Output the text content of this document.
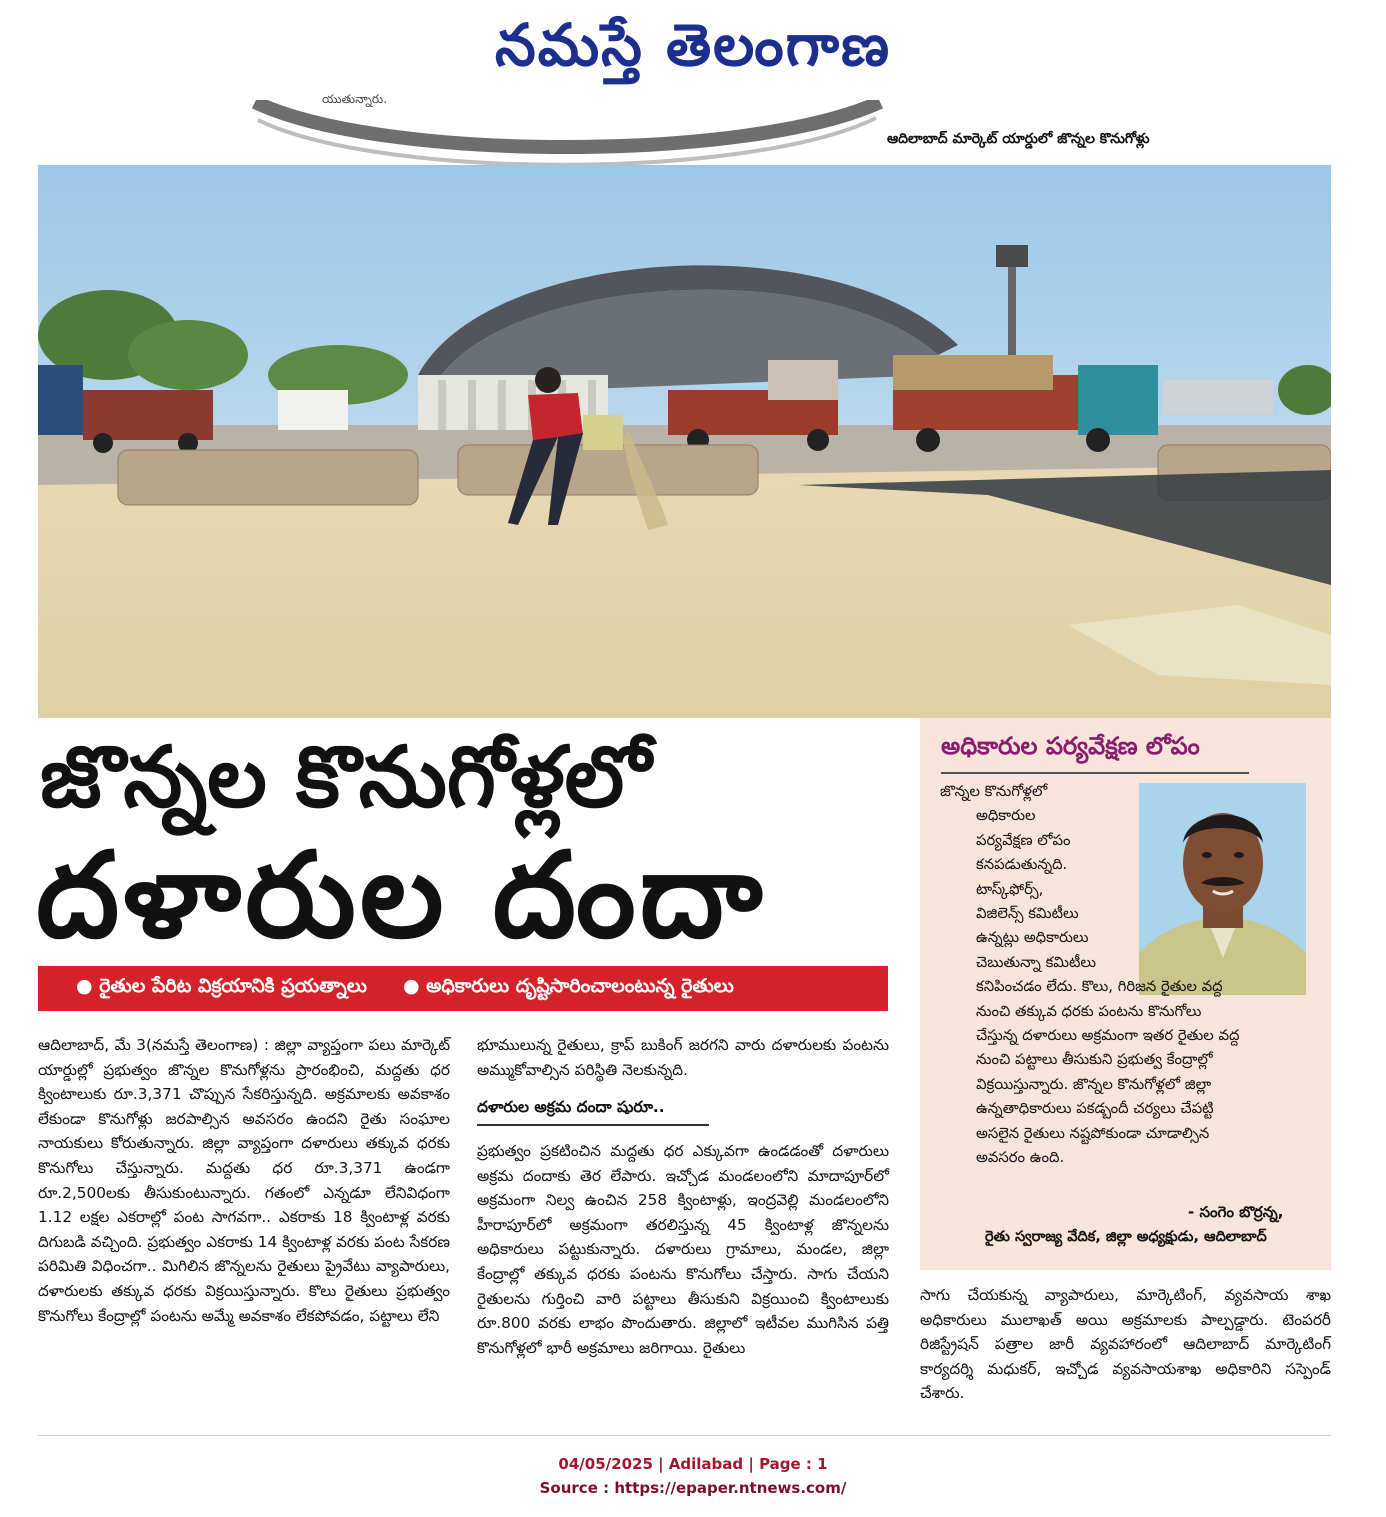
నమస్తే తెలంగాణ
యుతున్నారు.
ఆదిలాబాద్ మార్కెట్ యార్డులో జొన్నల కొనుగోళ్లు
జొన్నల కొనుగోళ్లలో
దళారుల దందా
● రైతుల పేరిట విక్రయానికి ప్రయత్నాలు
●	అధికారులు దృష్టిసారించాలంటున్న రైతులు
ఆదిలాబాద్, మే 3(నమస్తే తెలంగాణ) : జిల్లా వ్యాప్తంగా పలు మార్కెట్ యార్డుల్లో ప్రభుత్వం జొన్నల కొనుగోళ్లను ప్రారంభించి, మద్దతు ధర క్వింటాలుకు రూ.3,371 చొప్పున సేకరిస్తున్నది. అక్రమాలకు అవకాశం లేకుండా కొనుగోళ్లు జరపాల్సిన అవసరం ఉందని రైతు సంఘాల నాయకులు కోరుతున్నారు. జిల్లా వ్యాప్తంగా దళారులు తక్కువ ధరకు కొనుగోలు చేస్తున్నారు. మద్దతు ధర రూ.3,371 ఉండగా రూ.2,500లకు తీసుకుంటున్నారు. గతంలో ఎన్నడూ లేనివిధంగా 1.12 లక్షల ఎకరాల్లో పంట సాగవగా.. ఎకరాకు 18 క్వింటాళ్ల వరకు దిగుబడి వచ్చింది. ప్రభుత్వం ఎకరాకు 14 క్వింటాళ్ల వరకు పంట సేకరణ పరిమితి విధించగా.. మిగిలిన జొన్నలను రైతులు ప్రైవేటు వ్యాపారులు, దళారులకు తక్కువ ధరకు విక్రయిస్తున్నారు. కొలు రైతులు ప్రభుత్వం కొనుగోలు కేంద్రాల్లో పంటను అమ్మే అవకాశం లేకపోవడం, పట్టాలు లేని
భూములున్న రైతులు, క్రాప్ బుకింగ్ జరగని వారు దళారులకు పంటను అమ్ముకోవాల్సిన పరిస్థితి నెలకున్నది.
దళారుల అక్రమ దందా షురూ..
ప్రభుత్వం ప్రకటించిన మద్దతు ధర ఎక్కువగా ఉండడంతో దళారులు అక్రమ దందాకు తెర లేపారు. ఇచ్చోడ మండలంలోని మాదాపూర్‌లో అక్రమంగా నిల్వ ఉంచిన 258 క్వింటాళ్లు, ఇంద్రవెల్లి మండలంలోని హీరాపూర్‌లో అక్రమంగా తరలిస్తున్న 45 క్వింటాళ్ల జొన్నలను అధికారులు పట్టుకున్నారు. దళారులు గ్రామాలు, మండల, జిల్లా కేంద్రాల్లో తక్కువ ధరకు పంటను కొనుగోలు చేస్తారు. సాగు చేయని రైతులను గుర్తించి వారి పట్టాలు తీసుకుని విక్రయించి క్వింటాలుకు రూ.800 వరకు లాభం పొందుతారు. జిల్లాలో ఇటీవల ముగిసిన పత్తి కొనుగోళ్లలో భారీ అక్రమాలు జరిగాయి. రైతులు
అధికారుల పర్యవేక్షణ లోపం
జొన్నల కొనుగోళ్లలో
అధికారుల
పర్యవేక్షణ లోపం
కనపడుతున్నది.
టాస్క్‌ఫోర్స్,
విజిలెన్స్ కమిటీలు
ఉన్నట్లు అధికారులు
చెబుతున్నా కమిటీలు
కనిపించడం లేదు. కొలు, గిరిజన రైతుల వద్ద
నుంచి తక్కువ ధరకు పంటను కొనుగోలు
చేస్తున్న దళారులు అక్రమంగా ఇతర రైతుల వద్ద
నుంచి పట్టాలు తీసుకుని ప్రభుత్వ కేంద్రాల్లో
విక్రయిస్తున్నారు. జొన్నల కొనుగోళ్లలో జిల్లా
ఉన్నతాధికారులు పకడ్బందీ చర్యలు చేపట్టి
అసలైన రైతులు నష్టపోకుండా చూడాల్సిన
అవసరం ఉంది.
- సంగెం బొర్రన్న,
రైతు స్వరాజ్య వేదిక, జిల్లా అధ్యక్షుడు, ఆదిలాబాద్
సాగు చేయకున్న వ్యాపారులు, మార్కెటింగ్, వ్యవసాయ శాఖ అధికారులు ములాఖత్ అయి అక్రమాలకు పాల్పడ్డారు. టెంపరరీ రిజిస్ట్రేషన్ పత్రాల జారీ వ్యవహారంలో ఆదిలాబాద్ మార్కెటింగ్ కార్యదర్శి మధుకర్, ఇచ్చోడ వ్యవసాయశాఖ అధికారిని సస్పెండ్ చేశారు.
04/05/2025 | Adilabad | Page : 1
Source : https://epaper.ntnews.com/
